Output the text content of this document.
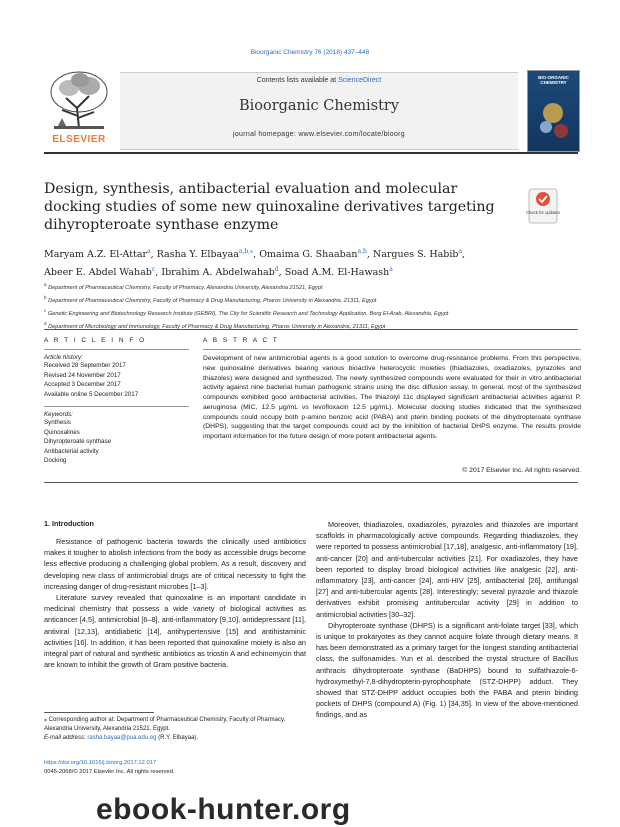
Bioorganic Chemistry 76 (2018) 437–448
ELSEVIER
Contents lists available at ScienceDirect
Bioorganic Chemistry
journal homepage: www.elsevier.com/locate/bioorg
BIO-ORGANIC CHEMISTRY
Design, synthesis, antibacterial evaluation and molecular docking studies of some new quinoxaline derivatives targeting dihyropteroate synthase enzyme
Check for updates
Maryam A.Z. El-Attar$^a$, Rasha Y. Elbayaa$^{a,b,⁎}$, Omaima G. Shaaban$^{a,b}$, Nargues S. Habib$^a$,
Abeer E. Abdel Wahab$^c$, Ibrahim A. Abdelwahab$^d$, Soad A.M. El-Hawash$^a$
$^a$ Department of Pharmaceutical Chemistry, Faculty of Pharmacy, Alexandria University, Alexandria 21521, Egypt
$^b$ Department of Pharmaceutical Chemistry, Faculty of Pharmacy & Drug Manufacturing, Pharos University in Alexandria, 21311, Egypt
$^c$ Genetic Engineering and Biotechnology Research Institute (GEBRI), The City for Scientific Research and Technology Application, Borg El-Arab, Alexandria, Egypt
$^d$ Department of Microbiology and Immunology, Faculty of Pharmacy & Drug Manufacturing, Pharos University in Alexandria, 21311, Egypt
A R T I C L E I N F O	A B S T R A C T
Article history:
Received 28 September 2017
Revised 24 November 2017
Accepted 3 December 2017
Available online 5 December 2017
Keywords:
Synthesis
Quinoxalines
Dihyropteroate synthase
Antibacterial activity
Docking
Development of new antimicrobial agents is a good solution to overcome drug-resistance problems. From this perspective, new quinoxaline derivatives bearing various bioactive heterocyclic moieties (thiadiazoles, oxadiazoles, pyrazoles and thiazoles) were designed and synthesized. The newly synthesized compounds were evaluated for their in vitro antibacterial activity against nine bacterial human pathogenic strains using the disc diffusion assay. In general, most of the synthesized compounds exhibited good antibacterial activities. The thiazolyl 11c displayed significant antibacterial activities against P. aeruginosa (MIC, 12.5 μg/mL vs levofloxacin 12.5 μg/mL). Molecular docking studies indicated that the synthesized compounds could occupy both p-amino benzoic acid (PABA) and pterin binding pockets of the dihydropteroate synthase (DHPS), suggesting that the target compounds could act by the inhibition of bacterial DHPS enzyme. The results provide important information for the future design of more potent antibacterial agents.
© 2017 Elsevier Inc. All rights reserved.
1. Introduction

Resistance of pathogenic bacteria towards the clinically used antibiotics makes it tougher to abolish infections from the body as accessible drugs become less effective producing a challenging global problem. As a result, discovery and developing new class of antimicrobial drugs are of critical necessity to fight the increasing danger of drug-resistant microbes [1–3].

Literature survey revealed that quinoxaline is an important candidate in medicinal chemistry that possess a wide variety of biological activities as anticancer [4,5], antimicrobial [6–8], anti-inflammatory [9,10], antidepressant [11], antiviral [12,13], antidiabetic [14], antihypertensive [15] and antihistaminic activities [16]. In addition, it has been reported that quinoxaline moiety is also an integral part of natural and synthetic antibiotics as triostin A and echinomycin that are known to inhibit the growth of Gram positive bacteria.

Moreover, thiadiazoles, oxadiazoles, pyrazoles and thiazoles are important scaffolds in pharmacologically active compounds. Regarding thiadiazoles, they were reported to possess antimicrobial [17,18], analgesic, anti-inflammatory [19], anti-cancer [20] and anti-tubercular activities [21]. For oxadiazoles, they have been reported to display broad biological activities like analgesic [22], anti-inflammatory [23], anti-cancer [24], anti-HIV [25], antibacterial [26], antifungal [27] and anti-tubercular agents [28]. Interestingly; several pyrazole and thiazole derivatives exhibit promising antitubercular activity [29] in addition to antimicrobial activities [30–32].

Dihyropteroate synthase (DHPS) is a significant anti-folate target [33], which is unique to prokaryotes as they cannot acquire folate through dietary means. It has been demonstrated as a primary target for the longest standing antibacterial class, the sulfonamides. Yun et al. described the crystal structure of Bacillus anthracis dihydropteroate synthase (BaDHPS) bound to sulfathiazole-6-hydroxymethyl-7,8-dihydropterin-pyrophosphate (STZ-DHPP) adduct. They showed that STZ-DHPP adduct occupies both the PABA and pterin binding pockets of DHPS (compound A) (Fig. 1) [34,35]. In view of the above-mentioned findings, and as

⁎ Corresponding author at: Department of Pharmaceutical Chemistry, Faculty of Pharmacy, Alexandria University, Alexandria 21521, Egypt.
E-mail address: rasha.bayaa@pua.edu.eg (R.Y. Elbayaa).
https://doi.org/10.1016/j.bioorg.2017.12.017
0045-2068/© 2017 Elsevier Inc. All rights reserved.
ebook-hunter.org
